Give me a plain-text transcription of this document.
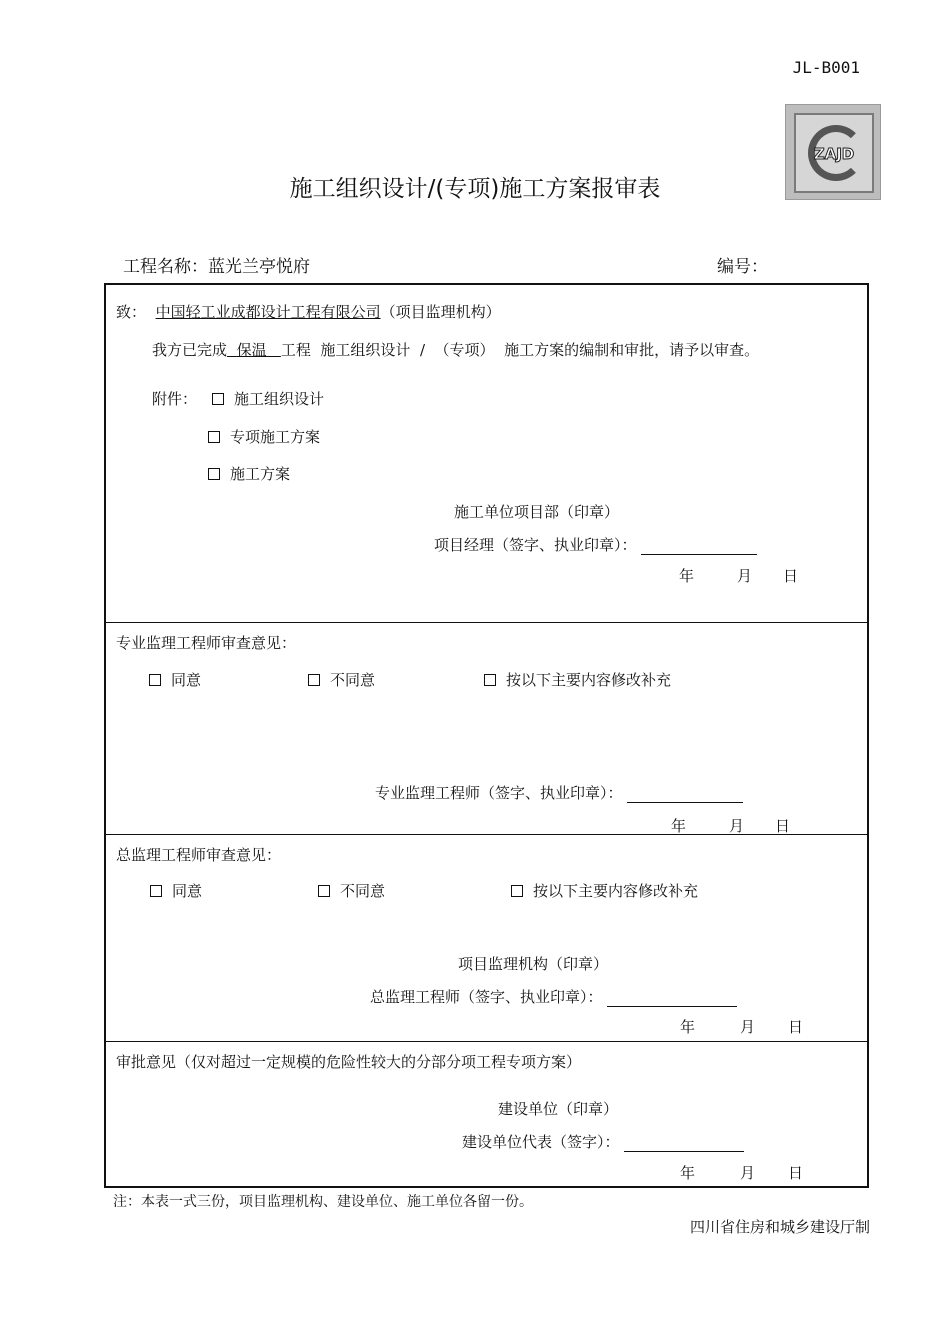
JL-B001
ZAJD
施工组织设计/(专项)施工方案报审表
工程名称：蓝光兰亭悦府	编号：
致： 中国轻工业成都设计工程有限公司（项目监理机构）
我方已完成 保温 工程  施工组织设计  /  （专项）  施工方案的编制和审批，请予以审查。
附件：	施工组织设计
专项施工方案
施工方案
施工单位项目部（印章）
项目经理（签字、执业印章）：
年	月 日
专业监理工程师审查意见：
同意	不同意	按以下主要内容修改补充
专业监理工程师（签字、执业印章）：
年	月 日
总监理工程师审查意见：
同意	不同意	按以下主要内容修改补充
项目监理机构（印章）
总监理工程师（签字、执业印章）：
年	月 日
审批意见（仅对超过一定规模的危险性较大的分部分项工程专项方案）
建设单位（印章）
建设单位代表（签字）：
年	月 日
注：本表一式三份，项目监理机构、建设单位、施工单位各留一份。
四川省住房和城乡建设厅制
